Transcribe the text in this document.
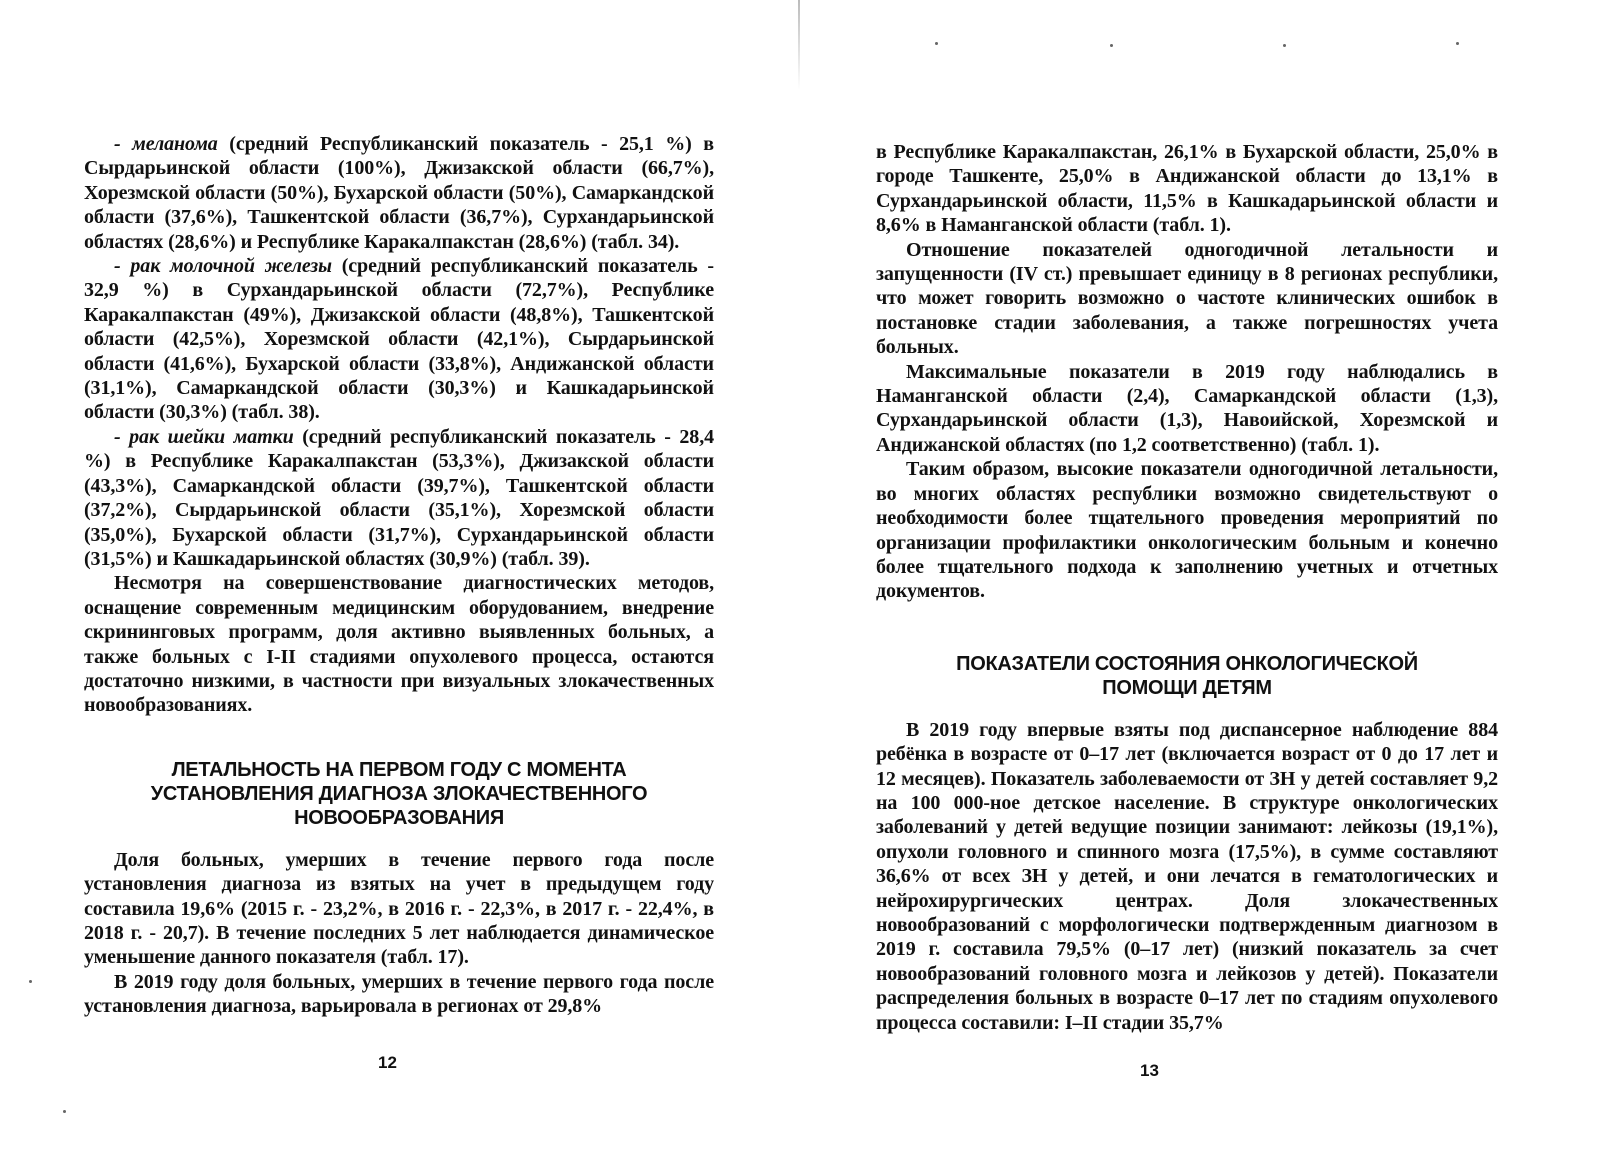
- меланома (средний Республиканский показатель - 25,1 %) в Сырдарьинской области (100%), Джизакской области (66,7%), Хорезмской области (50%), Бухарской области (50%), Самаркандской области (37,6%), Ташкентской области (36,7%), Сурхандарьинской областях (28,6%) и Республике Каракалпакстан (28,6%) (табл. 34).

- рак молочной железы (средний республиканский показатель - 32,9 %) в Сурхандарьинской области (72,7%), Республике Каракалпакстан (49%), Джизакской области (48,8%), Ташкентской области (42,5%), Хорезмской области (42,1%), Сырдарьинской области (41,6%), Бухарской области (33,8%), Андижанской области (31,1%), Самаркандской области (30,3%) и Кашкадарьинской области (30,3%) (табл. 38).

- рак шейки матки (средний республиканский показатель - 28,4 %) в Республике Каракалпакстан (53,3%), Джизакской области (43,3%), Самаркандской области (39,7%), Ташкентской области (37,2%), Сырдарьинской области (35,1%), Хорезмской области (35,0%), Бухарской области (31,7%), Сурхандарьинской области (31,5%) и Кашкадарьинской областях (30,9%) (табл. 39).

Несмотря на совершенствование диагностических методов, оснащение современным медицинским оборудованием, внедрение скрининговых программ, доля активно выявленных больных, а также больных с I-II стадиями опухолевого процесса, остаются достаточно низкими, в частности при визуальных злокачественных новообразованиях.

ЛЕТАЛЬНОСТЬ НА ПЕРВОМ ГОДУ С МОМЕНТА
УСТАНОВЛЕНИЯ ДИАГНОЗА ЗЛОКАЧЕСТВЕННОГО
НОВООБРАЗОВАНИЯ

Доля больных, умерших в течение первого года после установления диагноза из взятых на учет в предыдущем году составила 19,6% (2015 г. - 23,2%, в 2016 г. - 22,3%, в 2017 г. - 22,4%, в 2018 г. - 20,7). В течение последних 5 лет наблюдается динамическое уменьшение данного показателя (табл. 17).

В 2019 году доля больных, умерших в течение первого года после установления диагноза, варьировала в регионах от 29,8%

12

в Республике Каракалпакстан, 26,1% в Бухарской области, 25,0% в городе Ташкенте, 25,0% в Андижанской области до 13,1% в Сурхандарьинской области, 11,5% в Кашкадарьинской области и 8,6% в Наманганской области (табл. 1).

Отношение показателей одногодичной летальности и запущенности (IV ст.) превышает единицу в 8 регионах республики, что может говорить возможно о частоте клинических ошибок в постановке стадии заболевания, а также погрешностях учета больных.

Максимальные показатели в 2019 году наблюдались в Наманганской области (2,4), Самаркандской области (1,3), Сурхандарьинской области (1,3), Навоийской, Хорезмской и Андижанской областях (по 1,2 соответственно) (табл. 1).

Таким образом, высокие показатели одногодичной летальности, во многих областях республики возможно свидетельствуют о необходимости более тщательного проведения мероприятий по организации профилактики онкологическим больным и конечно более тщательного подхода к заполнению учетных и отчетных документов.

ПОКАЗАТЕЛИ СОСТОЯНИЯ ОНКОЛОГИЧЕСКОЙ
ПОМОЩИ ДЕТЯМ

В 2019 году впервые взяты под диспансерное наблюдение 884 ребёнка в возрасте от 0–17 лет (включается возраст от 0 до 17 лет и 12 месяцев). Показатель заболеваемости от ЗН у детей составляет 9,2 на 100 000-ное детское население. В структуре онкологических заболеваний у детей ведущие позиции занимают: лейкозы (19,1%), опухоли головного и спинного мозга (17,5%), в сумме составляют 36,6% от всех ЗН у детей, и они лечатся в гематологических и нейрохирургических центрах. Доля злокачественных новообразований с морфологически подтвержденным диагнозом в 2019 г. составила 79,5% (0–17 лет) (низкий показатель за счет новообразований головного мозга и лейкозов у детей). Показатели распределения больных в возрасте 0–17 лет по стадиям опухолевого процесса составили: I–II стадии 35,7%

13
